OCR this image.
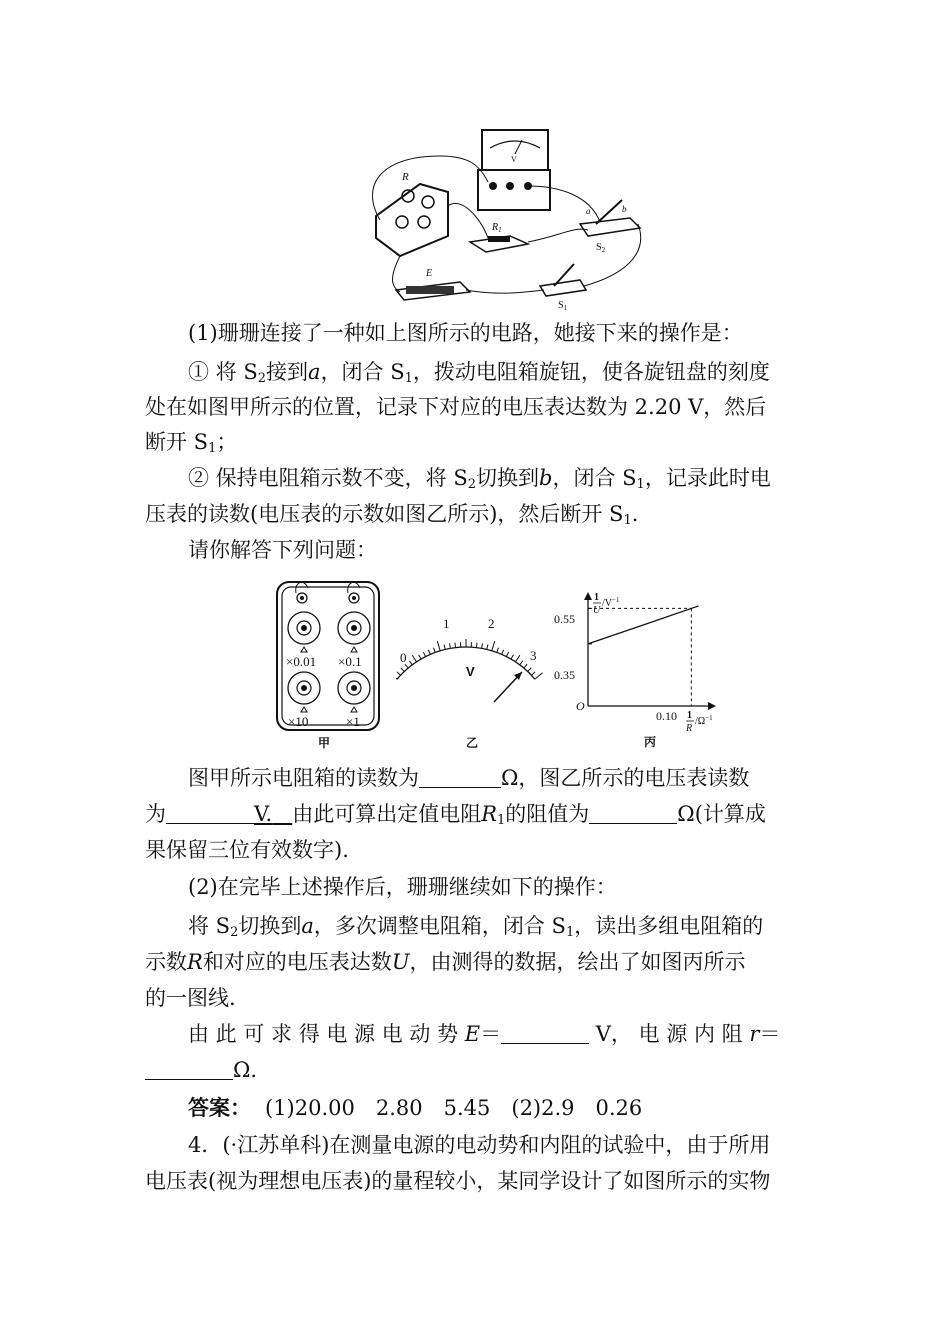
V
R
$R_1$
E
a	b
$S_2$
$S_1$
(1)珊珊连接了一种如上图所示的电路，她接下来的操作是：
① 将 $S_2$接到a，闭合 $S_1$，拨动电阻箱旋钮，使各旋钮盘的刻度
处在如图甲所示的位置，记录下对应的电压表达数为 2.20 V，然后
断开 $S_1$；
② 保持电阻箱示数不变，将 $S_2$切换到b，闭合 $S_1$，记录此时电
压表的读数(电压表的示数如图乙所示)，然后断开 $S_1$.
请你解答下列问题：
×0.01 ×0.1
×10	×1
甲
0
1	2
3
V
乙
1
U
$/V^{-1}$
0.55
0.35
O
0.10 1
R
$/\Omega^{-1}$
丙
图甲所示电阻箱的读数为	Ω，图乙所示的电压表读数
为	V. 由此可算出定值电阻$R_1$的阻值为	Ω(计算成
果保留三位有效数字).
(2)在完毕上述操作后，珊珊继续如下的操作：
将 $S_2$切换到a，多次调整电阻箱，闭合 $S_1$，读出多组电阻箱的
示数R和对应的电压表达数U，由测得的数据，绘出了如图丙所示
的一图线.
由 此 可 求 得 电 源 电 动 势 E＝	V， 电 源 内 阻 r＝
Ω.
答案： (1)20.00　2.80　5.45　(2)2.9　0.26
4．(·江苏单科)在测量电源的电动势和内阻的试验中，由于所用
电压表(视为理想电压表)的量程较小，某同学设计了如图所示的实物
